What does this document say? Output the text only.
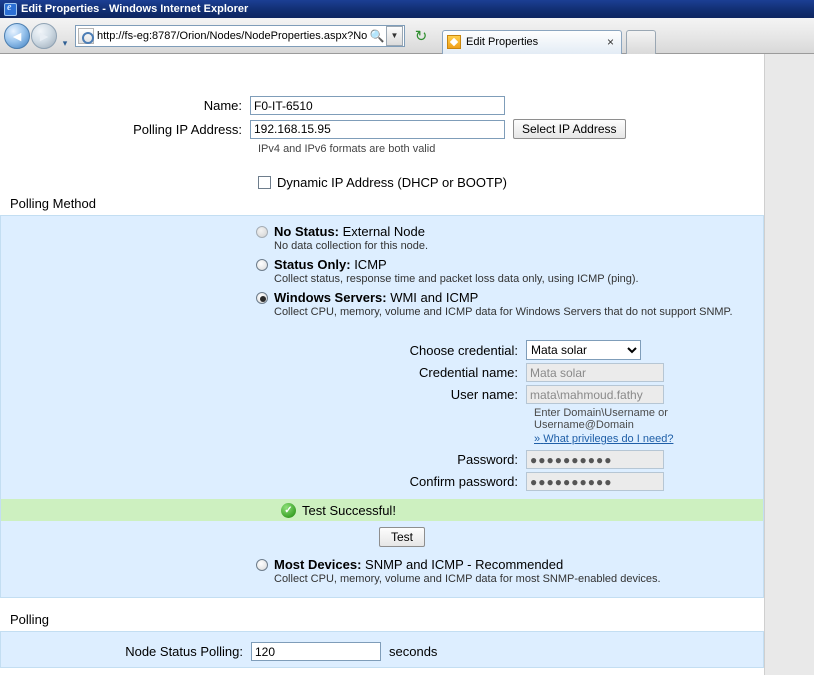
e
Edit Properties - Windows Internet Explorer
◄ ►	▾
http://fs-eg:8787/Orion/Nodes/NodeProperties.aspx?No 🔍 ▼	↻	Edit Properties	×
Name:
F0-IT-6510
Polling IP Address:
192.168.15.95	Select IP Address
IPv4 and IPv6 formats are both valid
Dynamic IP Address (DHCP or BOOTP)
Polling Method
No Status: External Node
No data collection for this node.
Status Only: ICMP
Collect status, response time and packet loss data only, using ICMP (ping).
Windows Servers: WMI and ICMP
Collect CPU, memory, volume and ICMP data for Windows Servers that do not support SNMP.
Choose credential:
Mata solar
Credential name:
Mata solar
User name:
mata\mahmoud.fathy
Enter Domain\Username or Username@Domain
» What privileges do I need?
Password:
●●●●●●●●●●
Confirm password:
●●●●●●●●●●
✓ Test Successful!
Test
Most Devices: SNMP and ICMP - Recommended
Collect CPU, memory, volume and ICMP data for most SNMP-enabled devices.
Polling
Node Status Polling:
120	seconds
